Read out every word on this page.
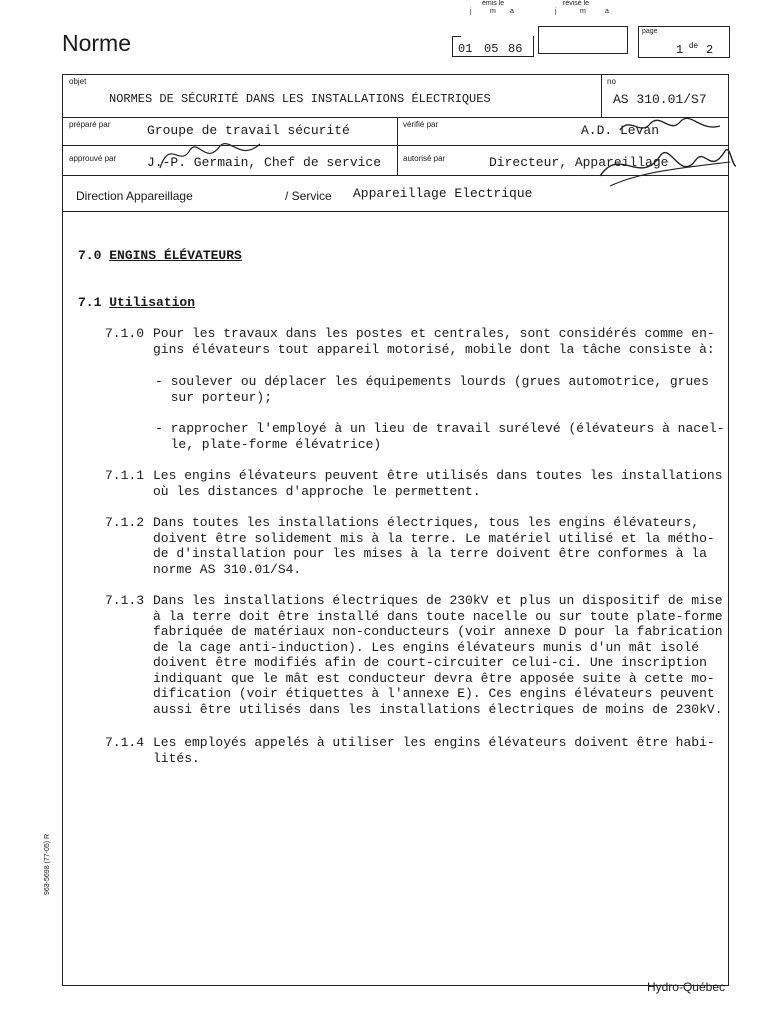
Norme
émis le
j	m a
01 05 86
révisé le
j	m	a
page
1 de 2
objet
NORMES DE SÉCURITÉ DANS LES INSTALLATIONS ÉLECTRIQUES
no
AS 310.01/S7
préparé par	Groupe de travail sécurité	vérifié par	A.D. Levan
approuvé par J.-P. Germain, Chef de service	autorisé par	Directeur, Appareillage
Direction Appareillage	/ Service Appareillage Electrique
7.0 ENGINS ÉLÉVATEURS
7.1 Utilisation
7.1.0 Pour les travaux dans les postes et centrales, sont considérés comme en-
gins élévateurs tout appareil motorisé, mobile dont la tâche consiste à:
- soulever ou déplacer les équipements lourds (grues automotrice, grues
sur porteur);
- rapprocher l'employé à un lieu de travail surélevé (élévateurs à nacel-
le, plate-forme élévatrice)
7.1.1 Les engins élévateurs peuvent être utilisés dans toutes les installations
où les distances d'approche le permettent.
7.1.2 Dans toutes les installations électriques, tous les engins élévateurs,
doivent être solidement mis à la terre. Le matériel utilisé et la métho-
de d'installation pour les mises à la terre doivent être conformes à la
norme AS 310.01/S4.
7.1.3 Dans les installations électriques de 230kV et plus un dispositif de mise
à la terre doit être installé dans toute nacelle ou sur toute plate-forme
fabriquée de matériaux non-conducteurs (voir annexe D pour la fabrication
de la cage anti-induction). Les engins élévateurs munis d'un mât isolé
doivent être modifiés afin de court-circuiter celui-ci. Une inscription
indiquant que le mât est conducteur devra être apposée suite à cette mo-
dification (voir étiquettes à l'annexe E). Ces engins élévateurs peuvent
aussi être utilisés dans les installations électriques de moins de 230kV.
7.1.4 Les employés appelés à utiliser les engins élévateurs doivent être habi-
lités.
Hydro-Québec
963-5698 (77-05) R
